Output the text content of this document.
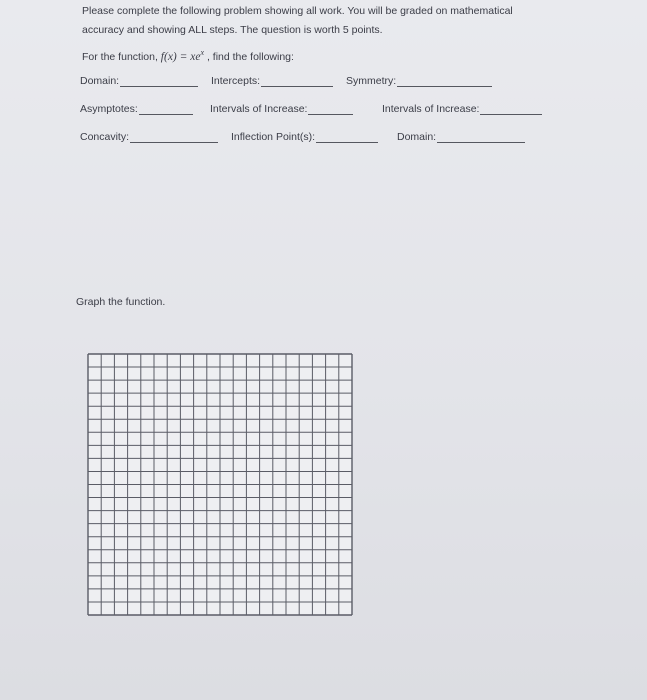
Please complete the following problem showing all work. You will be graded on mathematical
accuracy and showing ALL steps. The question is worth 5 points.
For the function, $f(x) = xe^x$ , find the following:
Domain:	Intercepts:	Symmetry:
Asymptotes:	Intervals of Increase:	Intervals of Increase:
Concavity:	Inflection Point(s):	Domain:
Graph the function.
